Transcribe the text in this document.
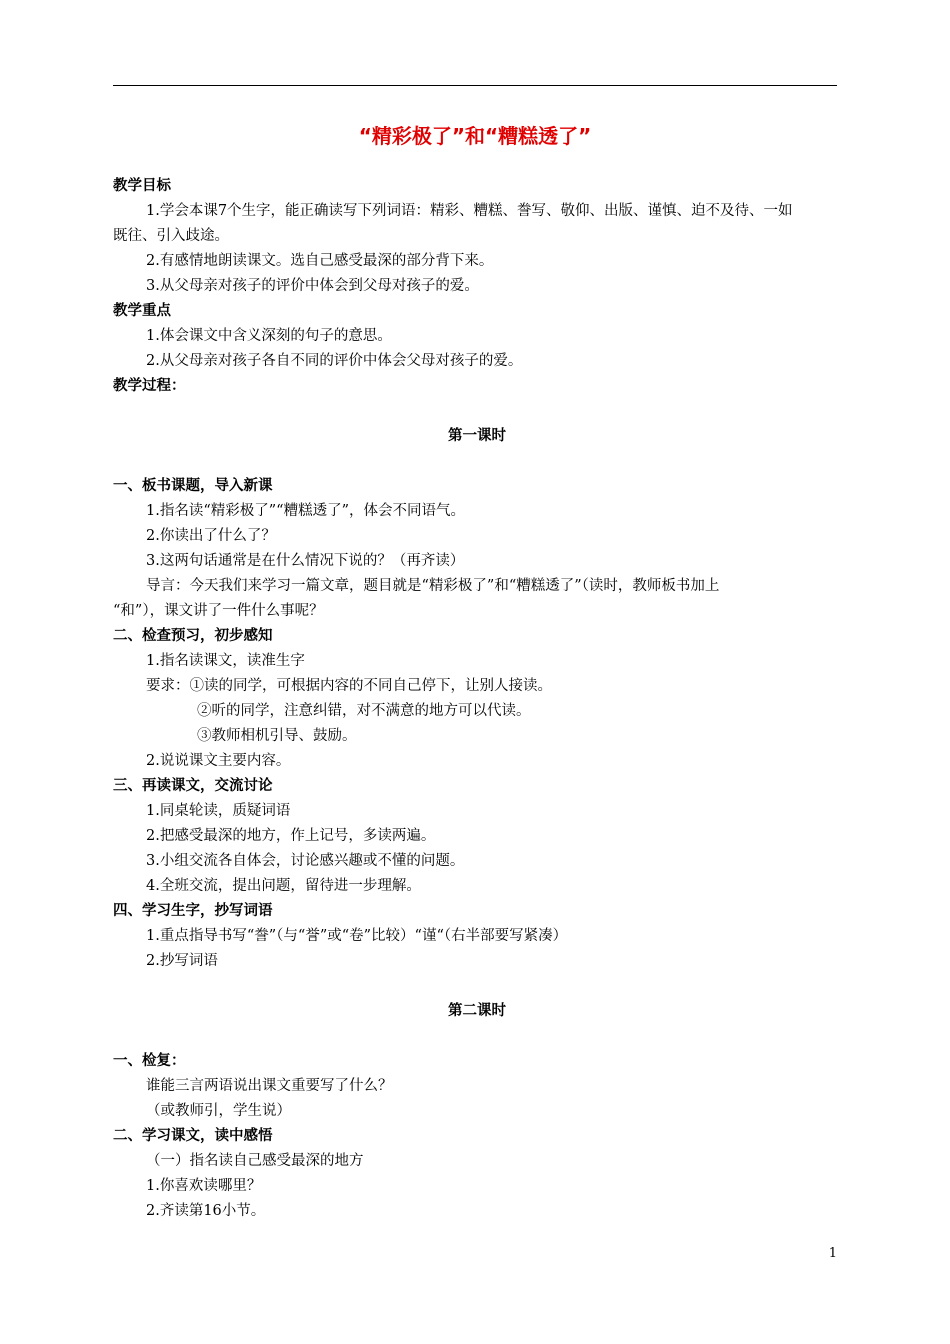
“精彩极了”和“糟糕透了”

教学目标

1.学会本课7个生字，能正确读写下列词语：精彩、糟糕、誊写、敬仰、出版、谨慎、迫不及待、一如

既往、引入歧途。

2.有感情地朗读课文。选自己感受最深的部分背下来。

3.从父母亲对孩子的评价中体会到父母对孩子的爱。

教学重点

1.体会课文中含义深刻的句子的意思。

2.从父母亲对孩子各自不同的评价中体会父母对孩子的爱。

教学过程：

第一课时

一、板书课题，导入新课

1.指名读“精彩极了”“糟糕透了”，体会不同语气。

2.你读出了什么了？

3.这两句话通常是在什么情况下说的？（再齐读）

导言：今天我们来学习一篇文章，题目就是“精彩极了”和“糟糕透了”（读时，教师板书加上

“和”），课文讲了一件什么事呢？

二、检查预习，初步感知

1.指名读课文，读准生字

要求：①读的同学，可根据内容的不同自己停下，让别人接读。

②听的同学，注意纠错，对不满意的地方可以代读。

③教师相机引导、鼓励。

2.说说课文主要内容。

三、再读课文，交流讨论

1.同桌轮读，质疑词语

2.把感受最深的地方，作上记号，多读两遍。

3.小组交流各自体会，讨论感兴趣或不懂的问题。

4.全班交流，提出问题，留待进一步理解。

四、学习生字，抄写词语

1.重点指导书写“誊”（与“誉”或“卷”比较）“谨“（右半部要写紧凑）

2.抄写词语

第二课时

一、检复：

谁能三言两语说出课文重要写了什么？

（或教师引，学生说）

二、学习课文，读中感悟

（一）指名读自己感受最深的地方

1.你喜欢读哪里？

2.齐读第16小节。

1
